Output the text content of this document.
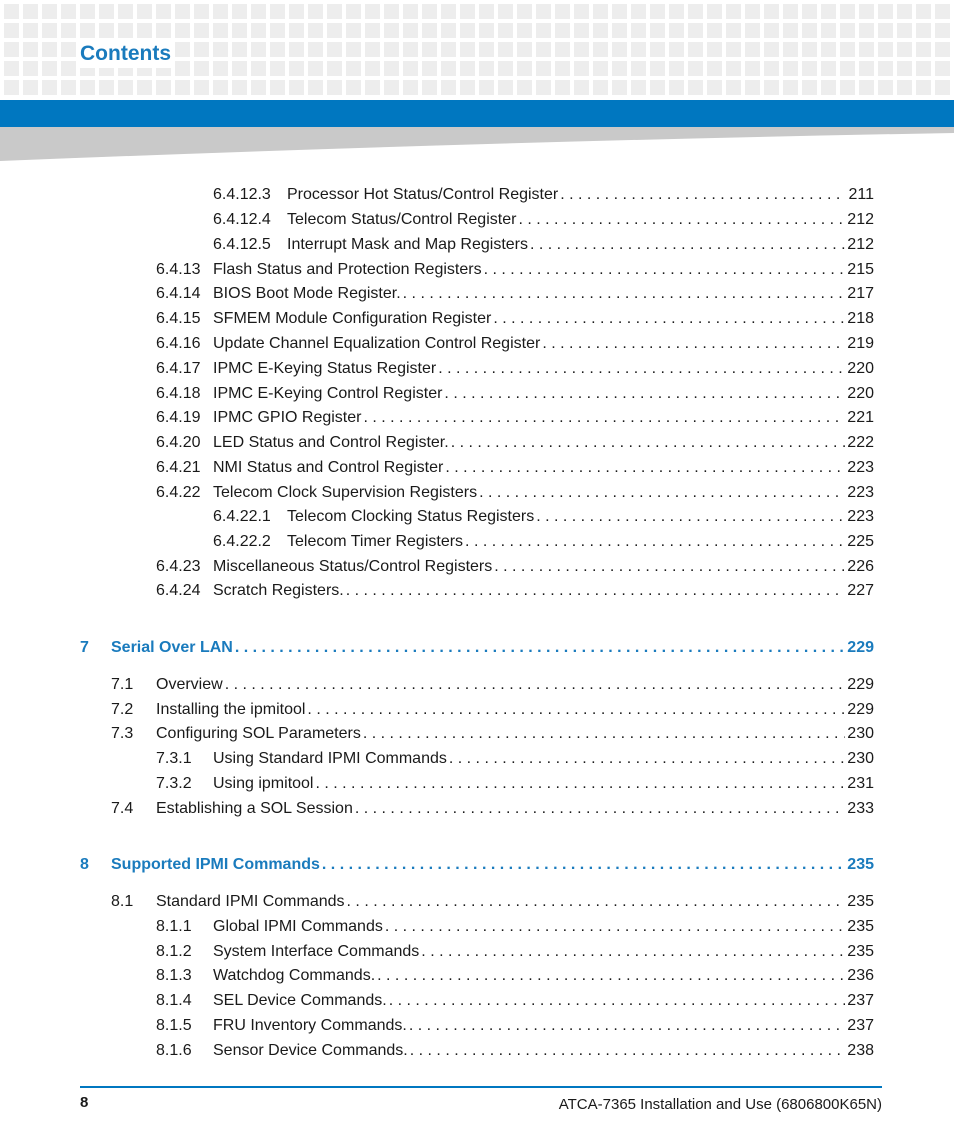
Contents
6.4.12.3	Processor Hot Status/Control Register . . .	211
6.4.12.4	Telecom Status/Control Register . . .	212
6.4.12.5	Interrupt Mask and Map Registers . . .	212
6.4.13 Flash Status and Protection Registers . . .	215
6.4.14 BIOS Boot Mode Register. . . .	217
6.4.15 SFMEM Module Configuration Register . . .	218
6.4.16 Update Channel Equalization Control Register . . .	219
6.4.17 IPMC E-Keying Status Register . . .	220
6.4.18 IPMC E-Keying Control Register . . .	220
6.4.19 IPMC GPIO Register . . .	221
6.4.20 LED Status and Control Register. . . .	222
6.4.21 NMI Status and Control Register . . .	223
6.4.22 Telecom Clock Supervision Registers . . .	223
6.4.22.1	Telecom Clocking Status Registers . . .	223
6.4.22.2	Telecom Timer Registers . . .	225
6.4.23 Miscellaneous Status/Control Registers . . .	226
6.4.24 Scratch Registers. . . .	227
7	Serial Over LAN . . .	229
7.1	Overview . . .	229
7.2	Installing the ipmitool . . .	229
7.3	Configuring SOL Parameters . . .	230
7.3.1	Using Standard IPMI Commands . . .	230
7.3.2	Using ipmitool . . .	231
7.4	Establishing a SOL Session . . .	233
8	Supported IPMI Commands . . .	235
8.1	Standard IPMI Commands . . .	235
8.1.1	Global IPMI Commands . . .	235
8.1.2	System Interface Commands . . .	235
8.1.3	Watchdog Commands. . . .	236
8.1.4	SEL Device Commands. . . .	237
8.1.5	FRU Inventory Commands. . . .	237
8.1.6	Sensor Device Commands. . . .	238
8	ATCA-7365 Installation and Use (6806800K65N)
